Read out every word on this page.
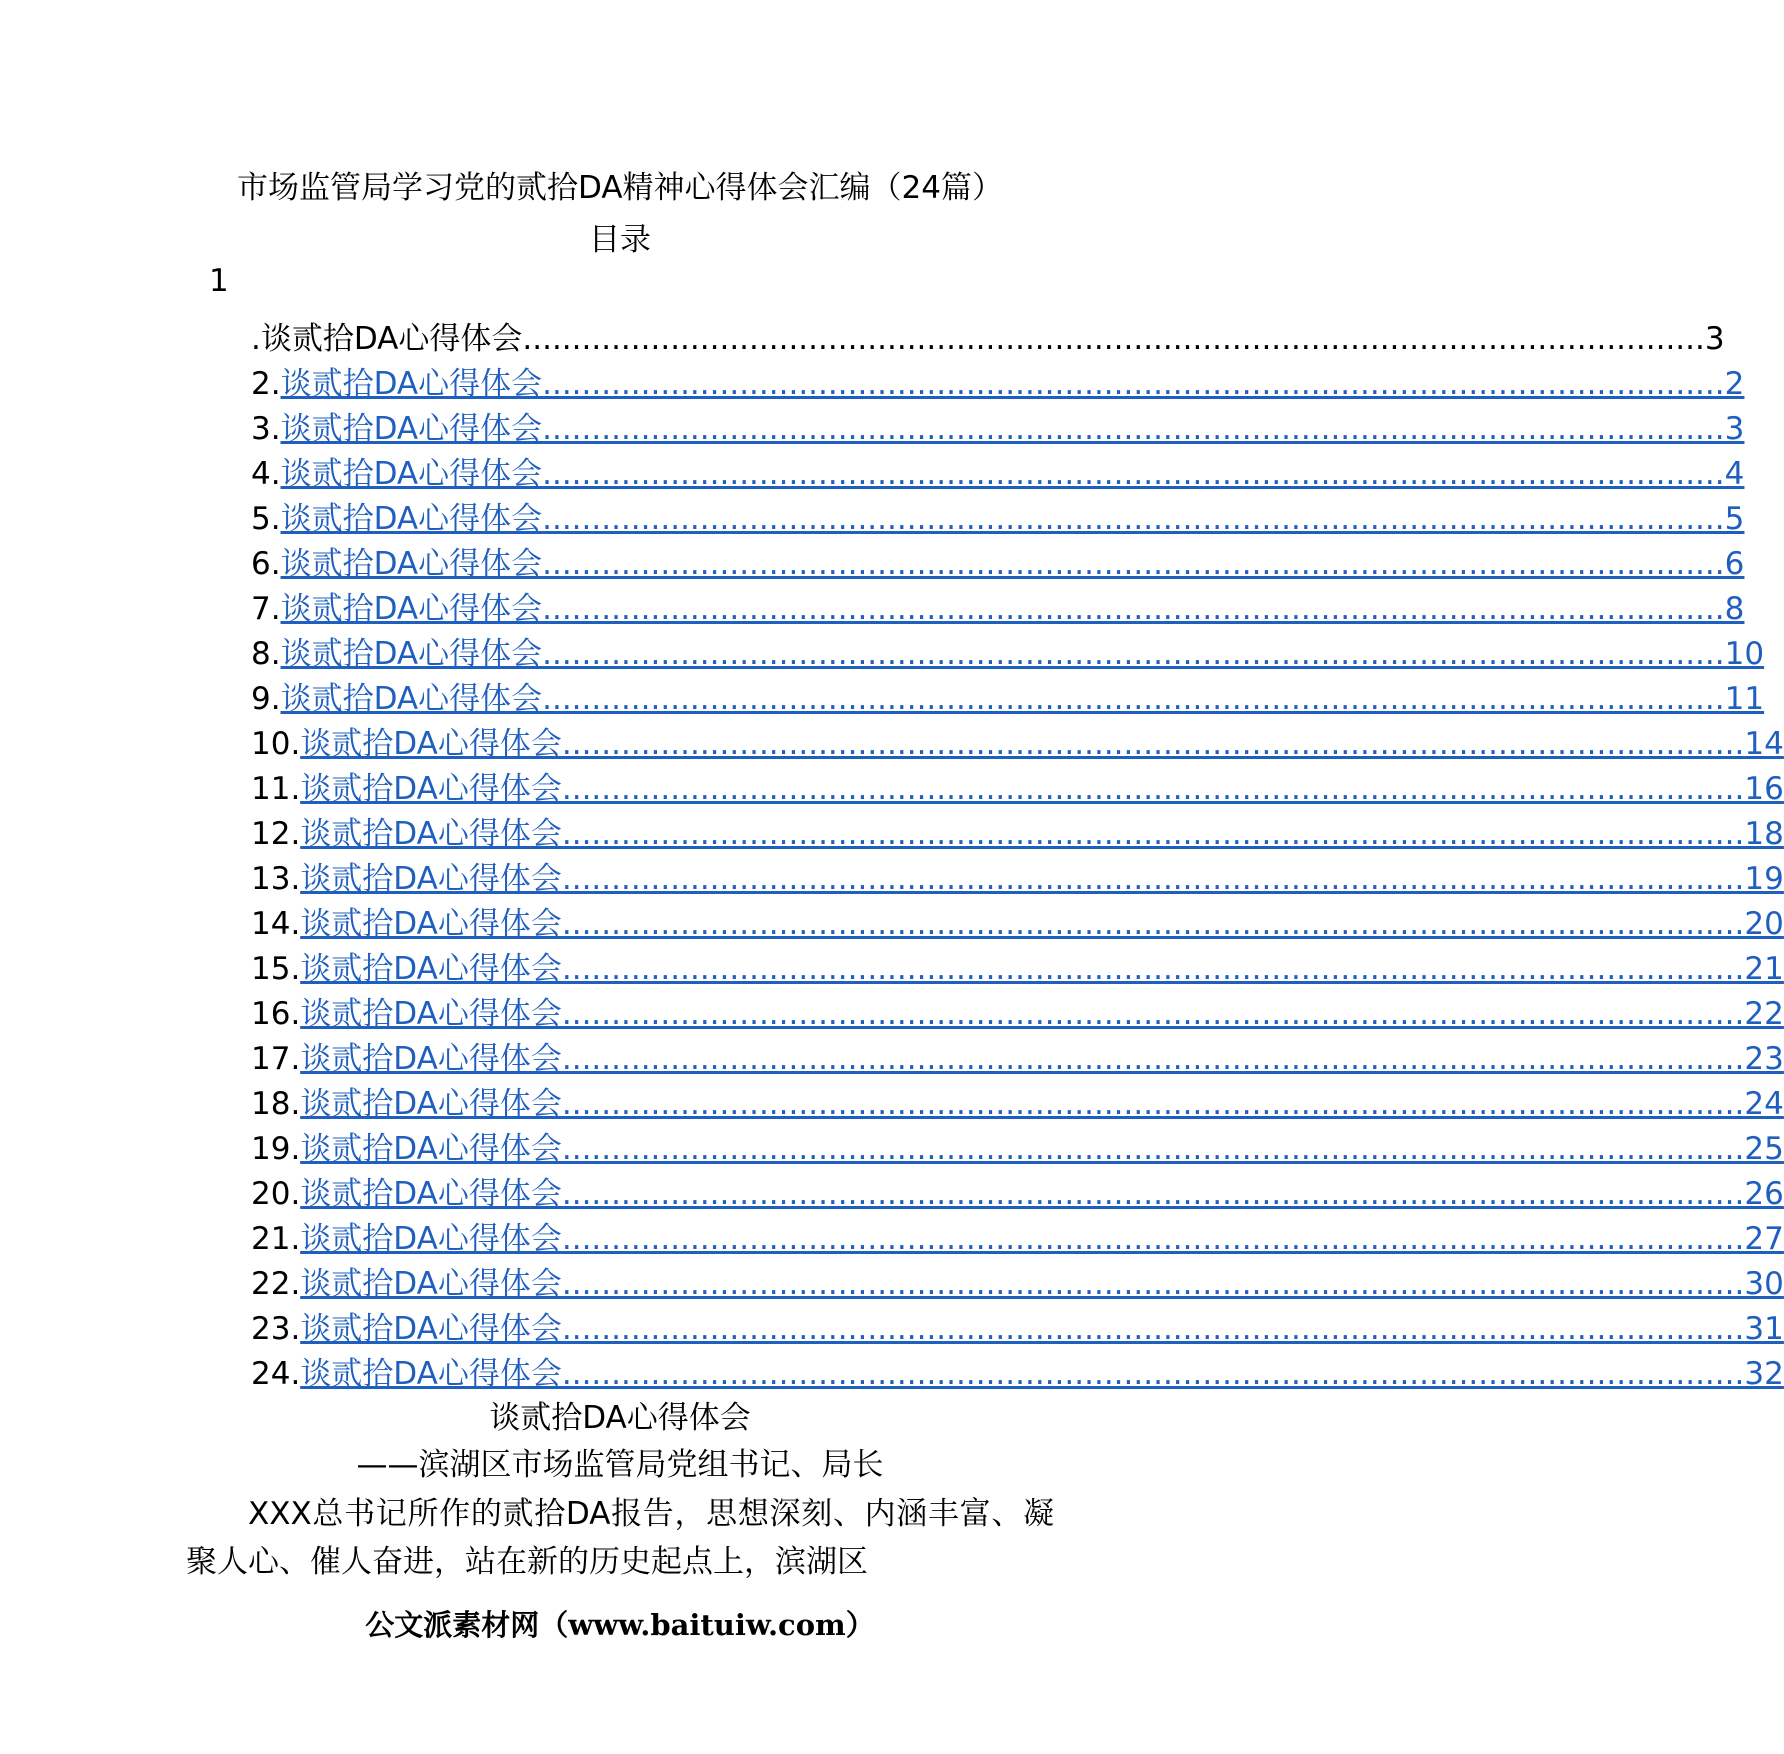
市场监管局学习党的贰拾DA精神心得体会汇编（24篇）
目录
1
.谈贰拾DA心得体会 ........................................................................................................................ 3
2. 谈贰拾DA心得体会 ........................................................................................................................ 2
3. 谈贰拾DA心得体会 ........................................................................................................................ 3
4. 谈贰拾DA心得体会 ........................................................................................................................ 4
5. 谈贰拾DA心得体会 ........................................................................................................................ 5
6. 谈贰拾DA心得体会 ........................................................................................................................ 6
7. 谈贰拾DA心得体会 ........................................................................................................................ 8
8. 谈贰拾DA心得体会 ........................................................................................................................ 10
9. 谈贰拾DA心得体会 ........................................................................................................................ 11
10. 谈贰拾DA心得体会 ........................................................................................................................ 14
11. 谈贰拾DA心得体会 ........................................................................................................................ 16
12. 谈贰拾DA心得体会 ........................................................................................................................ 18
13. 谈贰拾DA心得体会 ........................................................................................................................ 19
14. 谈贰拾DA心得体会 ........................................................................................................................ 20
15. 谈贰拾DA心得体会 ........................................................................................................................ 21
16. 谈贰拾DA心得体会 ........................................................................................................................ 22
17. 谈贰拾DA心得体会 ........................................................................................................................ 23
18. 谈贰拾DA心得体会 ........................................................................................................................ 24
19. 谈贰拾DA心得体会 ........................................................................................................................ 25
20. 谈贰拾DA心得体会 ........................................................................................................................ 26
21. 谈贰拾DA心得体会 ........................................................................................................................ 27
22. 谈贰拾DA心得体会 ........................................................................................................................ 30
23. 谈贰拾DA心得体会 ........................................................................................................................ 31
24. 谈贰拾DA心得体会 ........................................................................................................................ 32
谈贰拾DA心得体会
——滨湖区市场监管局党组书记、局长
XXX总书记所作的贰拾DA报告，思想深刻、内涵丰富、凝聚人心、催人奋进，站在新的历史起点上，滨湖区
公文派素材网（www.baituiw.com）
